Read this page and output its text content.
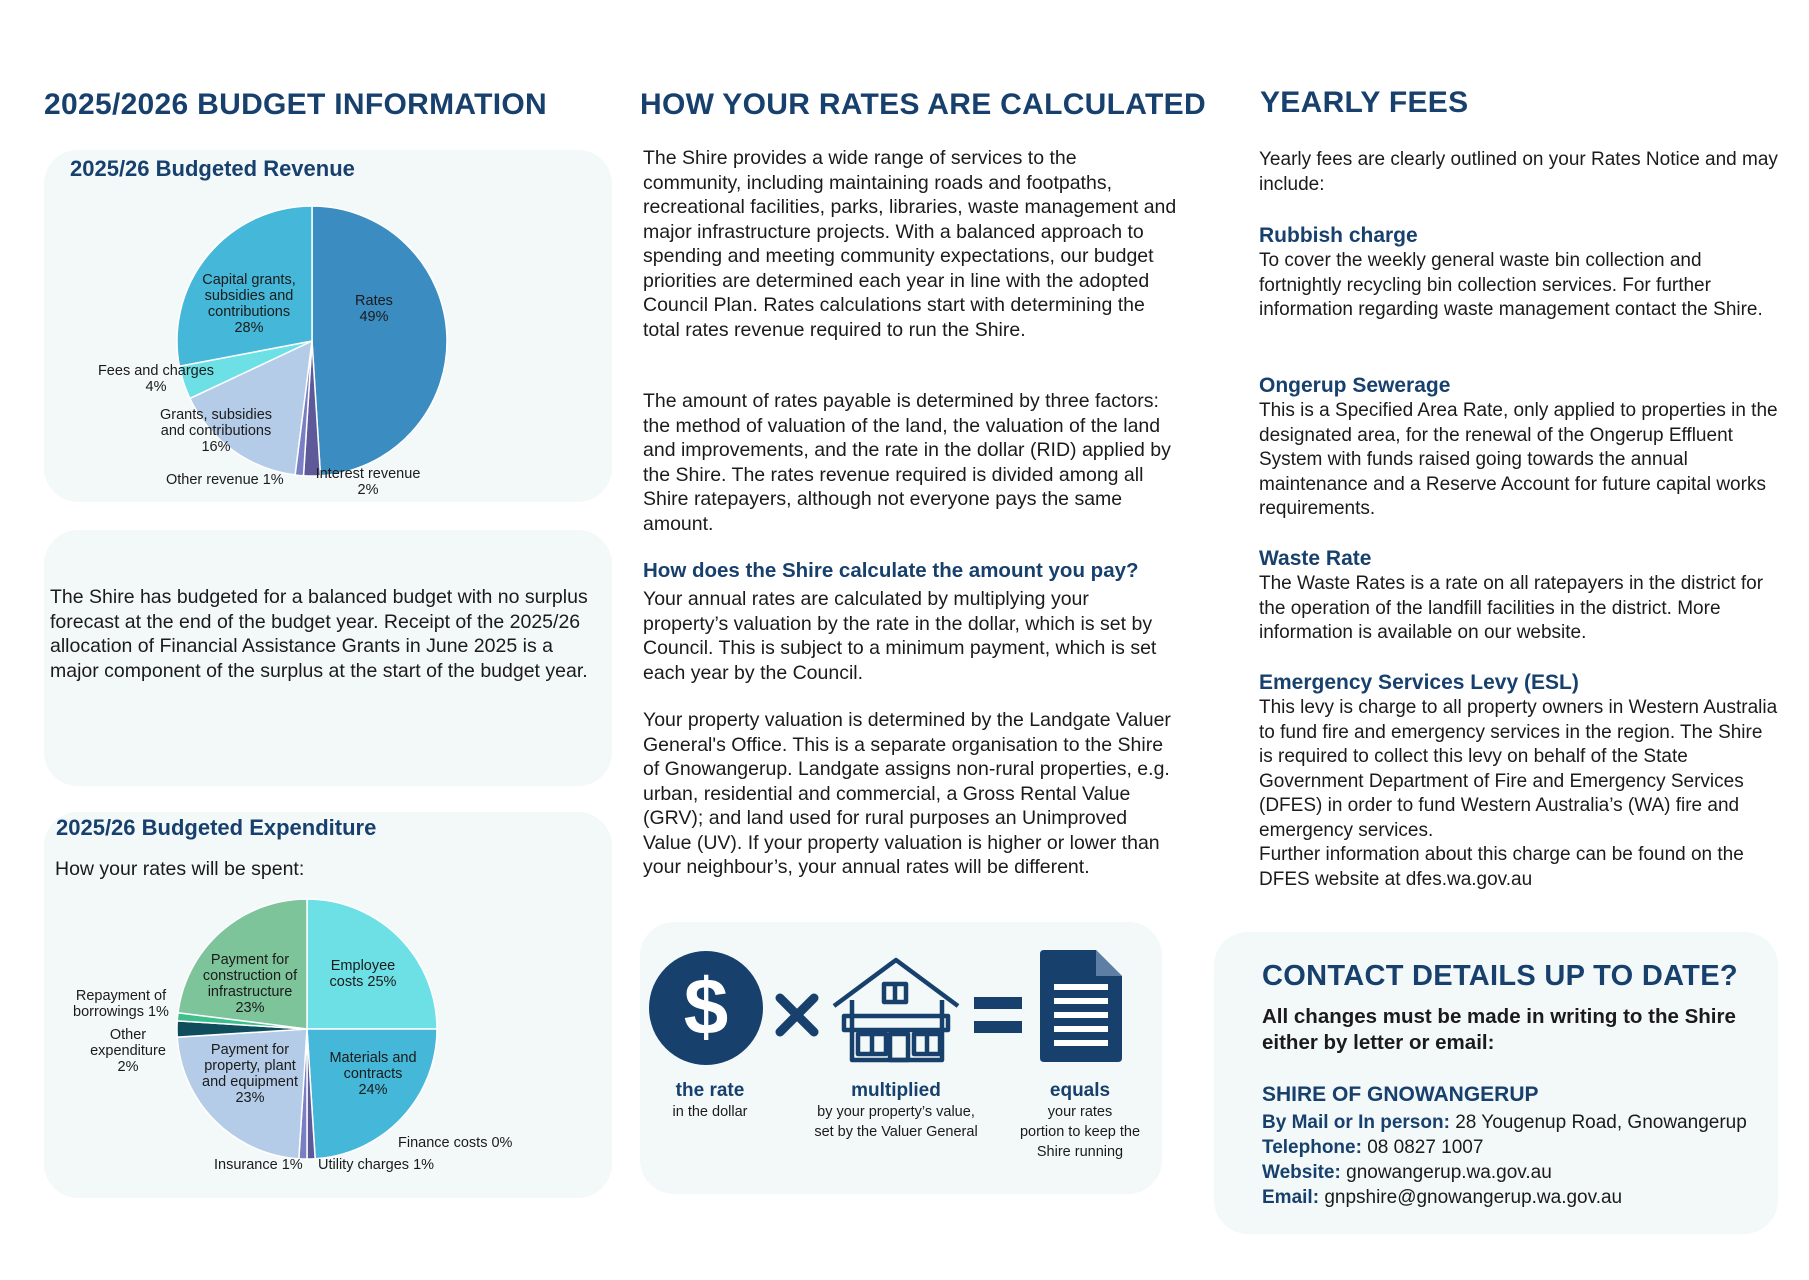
2025/2026 BUDGET INFORMATION
2025/26 Budgeted Revenue
Capital grants,
subsidies and
contributions
28%
Rates
49%
Fees and charges
4%
Grants, subsidies
and contributions
16%
Other revenue 1%	Interest revenue
2%
The Shire has budgeted for a balanced budget with no surplus forecast at the end of the budget year. Receipt of the 2025/26 allocation of Financial Assistance Grants in June 2025 is a major component of the surplus at the start of the budget year.
2025/26 Budgeted Expenditure
How your rates will be spent:
Payment for
construction of
infrastructure
23%
Employee
costs 25%
Repayment of
borrowings 1%
Other
expenditure
2%
Payment for
property, plant
and equipment
23%
Materials and
contracts
24%
Finance costs 0%
Insurance 1% Utility charges 1%
HOW YOUR RATES ARE CALCULATED
The Shire provides a wide range of services to the community, including maintaining roads and footpaths, recreational facilities, parks, libraries, waste management and major infrastructure projects. With a balanced approach to spending and meeting community expectations, our budget priorities are determined each year in line with the adopted Council Plan. Rates calculations start with determining the total rates revenue required to run the Shire.
The amount of rates payable is determined by three factors: the method of valuation of the land, the valuation of the land and improvements, and the rate in the dollar (RID) applied by the Shire. The rates revenue required is divided among all Shire ratepayers, although not everyone pays the same amount.
How does the Shire calculate the amount you pay?
Your annual rates are calculated by multiplying your property’s valuation by the rate in the dollar, which is set by Council. This is subject to a minimum payment, which is set each year by the Council.
Your property valuation is determined by the Landgate Valuer General's Office. This is a separate organisation to the Shire of Gnowangerup. Landgate assigns non-rural properties, e.g. urban, residential and commercial, a Gross Rental Value (GRV); and land used for rural purposes an Unimproved Value (UV). If your property valuation is higher or lower than your neighbour’s, your annual rates will be different.
$
the rate
in the dollar
multiplied
by your property’s value,
set by the Valuer General
equals
your rates
portion to keep the
Shire running
YEARLY FEES
Yearly fees are clearly outlined on your Rates Notice and may include:
Rubbish charge
To cover the weekly general waste bin collection and fortnightly recycling bin collection services. For further information regarding waste management contact the Shire.
Ongerup Sewerage
This is a Specified Area Rate, only applied to properties in the designated area, for the renewal of the Ongerup Effluent System with funds raised going towards the annual maintenance and a Reserve Account for future capital works requirements.
Waste Rate
The Waste Rates is a rate on all ratepayers in the district for the operation of the landfill facilities in the district. More information is available on our website.
Emergency Services Levy (ESL)
This levy is charge to all property owners in Western Australia to fund fire and emergency services in the region. The Shire is required to collect this levy on behalf of the State Government Department of Fire and Emergency Services (DFES) in order to fund Western Australia’s (WA) fire and emergency services.
Further information about this charge can be found on the DFES website at dfes.wa.gov.au
CONTACT DETAILS UP TO DATE?
All changes must be made in writing to the Shire either by letter or email:
SHIRE OF GNOWANGERUP
By Mail or In person: 28 Yougenup Road, Gnowangerup
Telephone: 08 0827 1007
Website: gnowangerup.wa.gov.au
Email: gnpshire@gnowangerup.wa.gov.au
